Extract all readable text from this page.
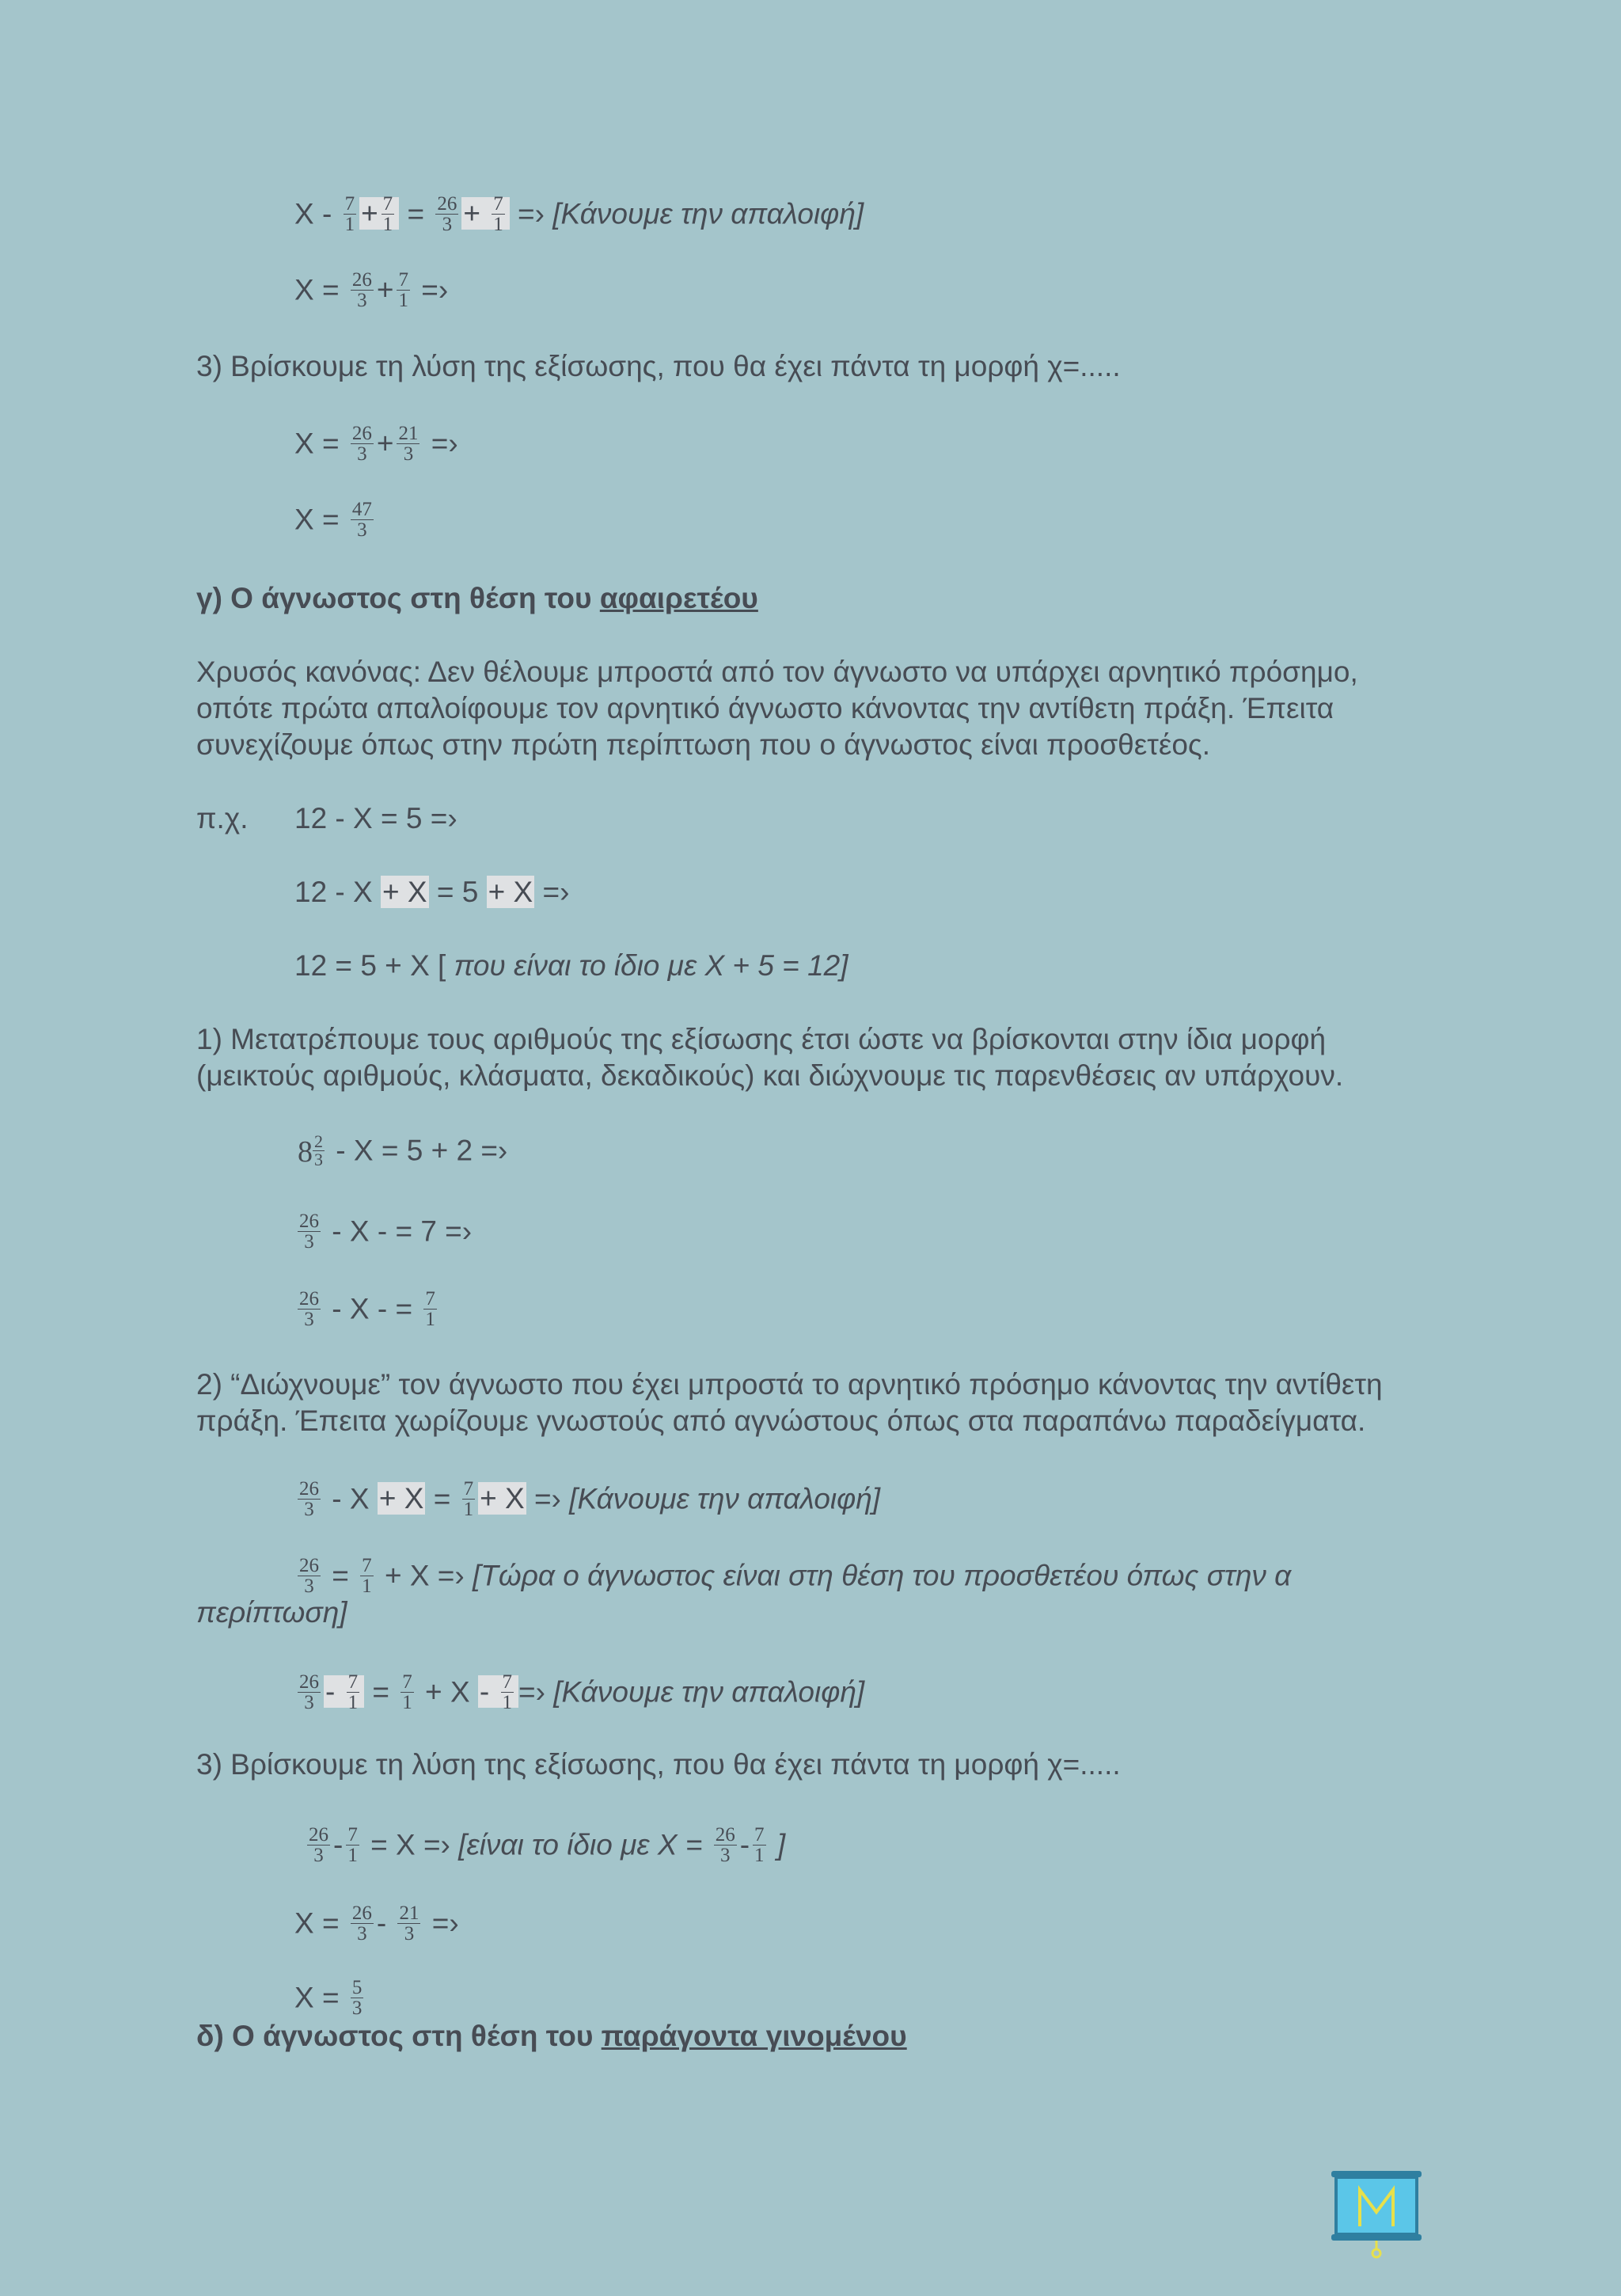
$X - \frac{7}{1} + \frac{7}{1} = \frac{26}{3} + \frac{7}{1}$ =› [Κάνουμε την απαλοιφή]
$X = \frac{26}{3} + \frac{7}{1}$ =›
3) Βρίσκουμε τη λύση της εξίσωσης, που θα έχει πάντα τη μορφή χ=.....
$X = \frac{26}{3} + \frac{21}{3}$ =›
$X = \frac{47}{3}$
γ) Ο άγνωστος στη θέση του αφαιρετέου
Χρυσός κανόνας: Δεν θέλουμε μπροστά από τον άγνωστο να υπάρχει αρνητικό πρόσημο, οπότε πρώτα απαλοίφουμε τον αρνητικό άγνωστο κάνοντας την αντίθετη πράξη. Έπειτα συνεχίζουμε όπως στην πρώτη περίπτωση που ο άγνωστος είναι προσθετέος.
π.χ. 12 - X = 5 =›
12 - X + X = 5 + X =›
12 = 5 + X [ που είναι το ίδιο με X + 5 = 12]
1) Μετατρέπουμε τους αριθμούς της εξίσωσης έτσι ώστε να βρίσκονται στην ίδια μορφή (μεικτούς αριθμούς, κλάσματα, δεκαδικούς) και διώχνουμε τις παρενθέσεις αν υπάρχουν.
$8 \frac{2}{3} - X = 5 + 2$ =›
$\frac{26}{3}$ - X - = 7 =›
$\frac{26}{3}$ - X - = $\frac{7}{1}$
2) “Διώχνουμε” τον άγνωστο που έχει μπροστά το αρνητικό πρόσημο κάνοντας την αντίθετη πράξη. Έπειτα χωρίζουμε γνωστούς από αγνώστους όπως στα παραπάνω παραδείγματα.
$\frac{26}{3} - X + X = \frac{7}{1} + X$ =› [Κάνουμε την απαλοιφή]
$\frac{26}{3} = \frac{7}{1} + X$ =› [Τώρα ο άγνωστος είναι στη θέση του προσθετέου όπως στην α
περίπτωση]
$\frac{26}{3} - \frac{7}{1} = \frac{7}{1} + X - \frac{7}{1}$ =› [Κάνουμε την απαλοιφή]
3) Βρίσκουμε τη λύση της εξίσωσης, που θα έχει πάντα τη μορφή χ=.....
$\frac{26}{3} - \frac{7}{1} = X$ =› [είναι το ίδιο με $X = \frac{26}{3} - \frac{7}{1}$ ]
$X = \frac{26}{3} - \frac{21}{3}$ =›
$X = \frac{5}{3}$
δ) Ο άγνωστος στη θέση του παράγοντα γινομένου
